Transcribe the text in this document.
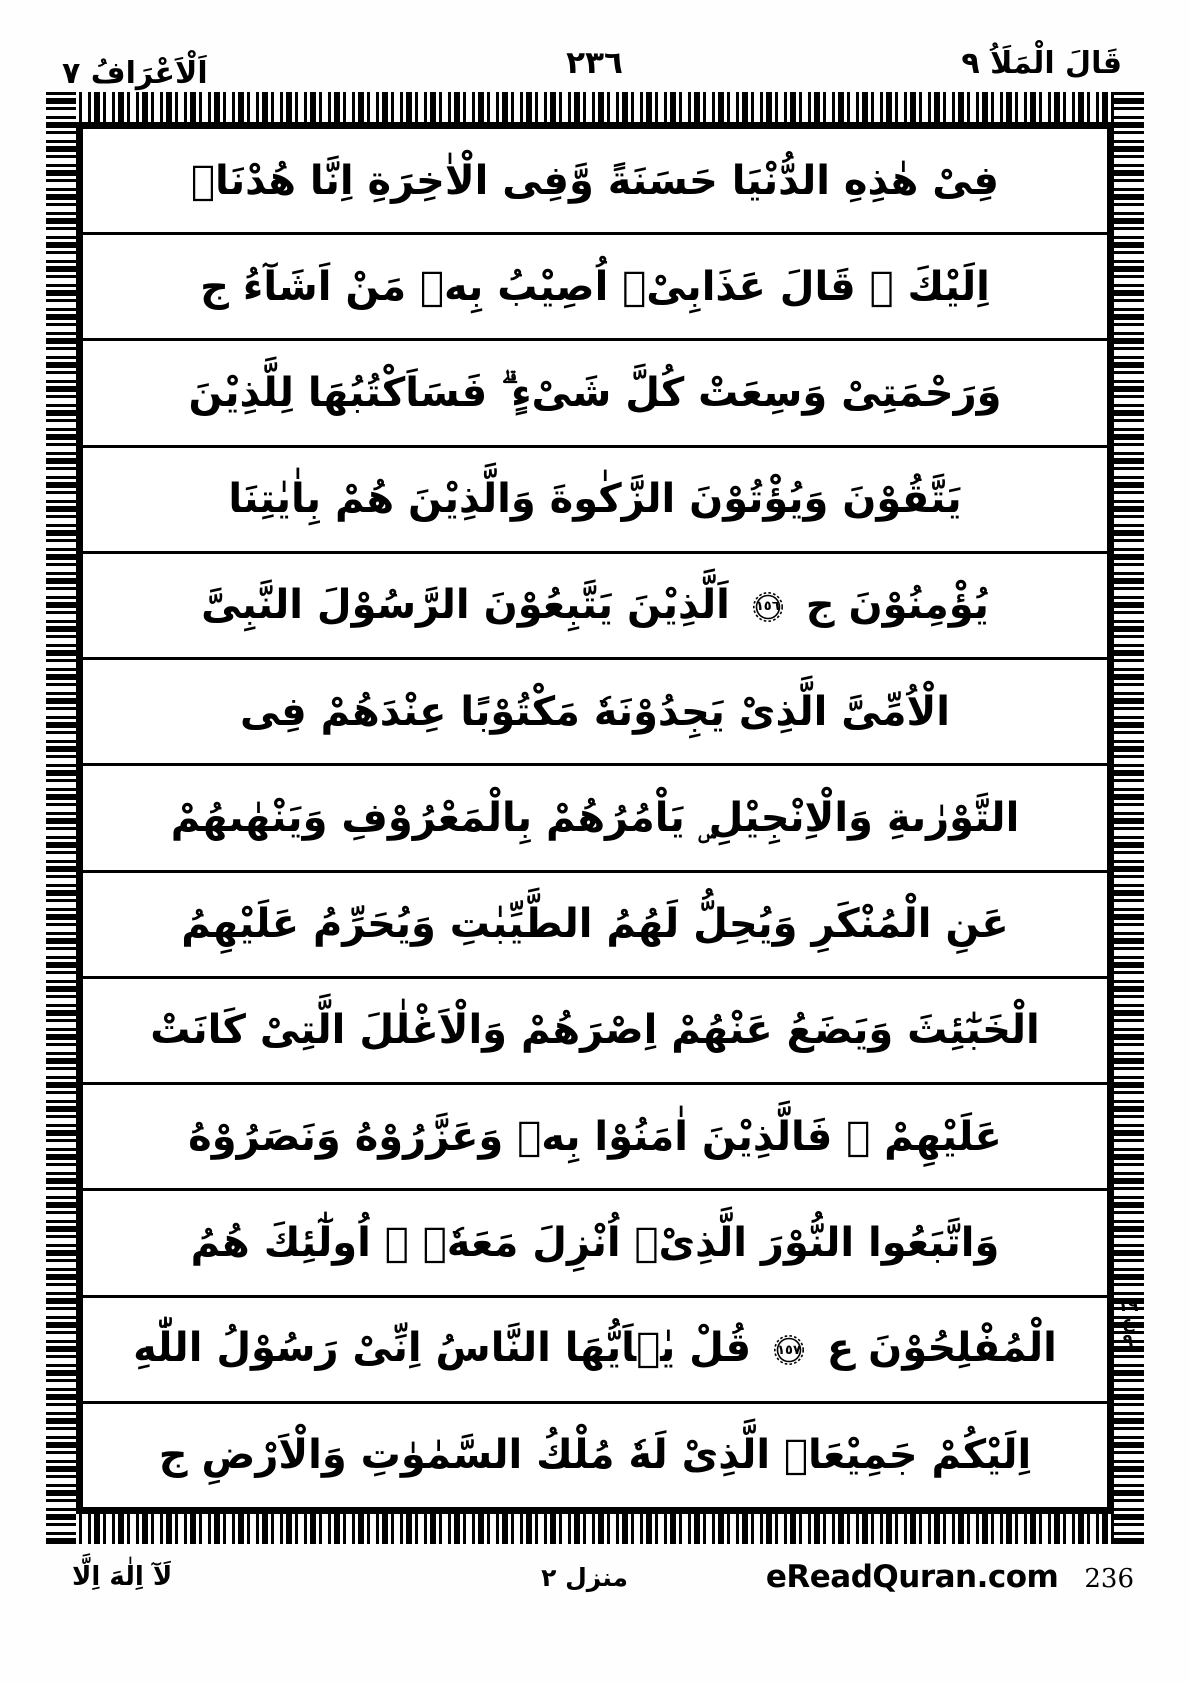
اَلْاَعْرَافُ ٧	٢٣٦	قَالَ الْمَلَاُ ٩
فِىْ هٰذِهِ الدُّنْيَا حَسَنَةً وَّفِى الْاٰخِرَةِ اِنَّا هُدْنَاۤ
اِلَيْكَ ۗ قَالَ عَذَابِىْۤ اُصِيْبُ بِهٖ مَنْ اَشَآءُ ج
وَرَحْمَتِىْ وَسِعَتْ كُلَّ شَىْءٍ ۗ فَسَاَكْتُبُهَا لِلَّذِيْنَ
يَتَّقُوْنَ وَيُؤْتُوْنَ الزَّكٰوةَ وَالَّذِيْنَ هُمْ بِاٰيٰتِنَا
يُؤْمِنُوْنَ ج
١٥٦
اَلَّذِيْنَ يَتَّبِعُوْنَ الرَّسُوْلَ النَّبِىَّ
الْاُمِّىَّ الَّذِىْ يَجِدُوْنَهٗ مَكْتُوْبًا عِنْدَهُمْ فِى
التَّوْرٰىةِ وَالْاِنْجِيْلِ ۣ يَاْمُرُهُمْ بِالْمَعْرُوْفِ وَيَنْهٰىهُمْ
عَنِ الْمُنْكَرِ وَيُحِلُّ لَهُمُ الطَّيِّبٰتِ وَيُحَرِّمُ عَلَيْهِمُ
الْخَبٰٓئِثَ وَيَضَعُ عَنْهُمْ اِصْرَهُمْ وَالْاَغْلٰلَ الَّتِىْ كَانَتْ
عَلَيْهِمْ ۗ فَالَّذِيْنَ اٰمَنُوْا بِهٖ وَعَزَّرُوْهُ وَنَصَرُوْهُ
وَاتَّبَعُوا النُّوْرَ الَّذِىْۤ اُنْزِلَ مَعَهٗۤ ۙ اُولٰٓئِكَ هُمُ
الْمُفْلِحُوْنَ ع
١٥٧
قُلْ يٰۤاَيُّهَا النَّاسُ اِنِّىْ رَسُوْلُ اللّٰهِ
١٩
ع
٩
اِلَيْكُمْ جَمِيْعَاۨ الَّذِىْ لَهٗ مُلْكُ السَّمٰوٰتِ وَالْاَرْضِ ج
لَآ اِلٰهَ اِلَّا	منزل ٢	eReadQuran.com 236
